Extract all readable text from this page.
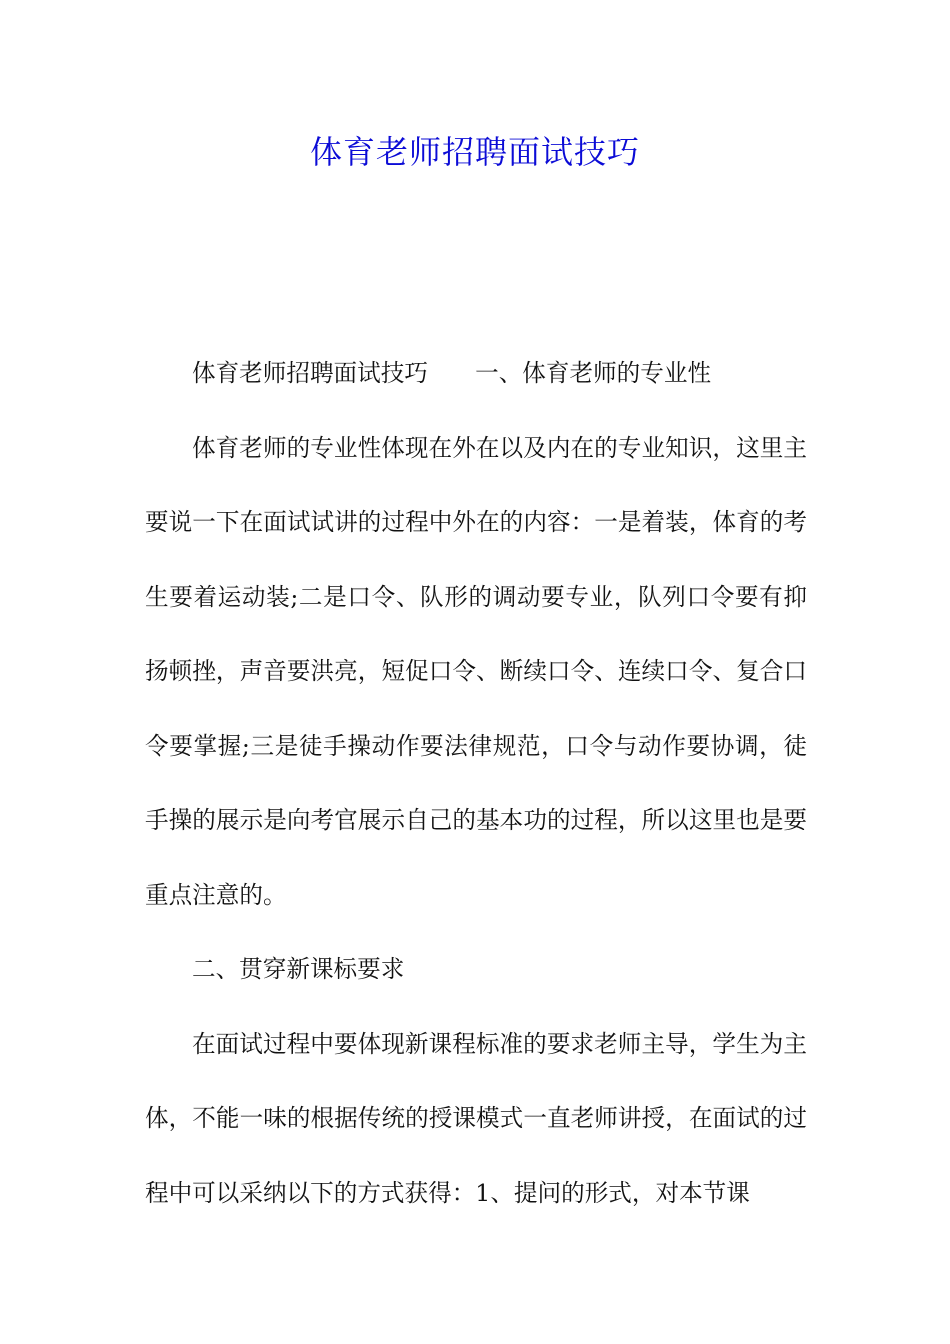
体育老师招聘面试技巧

体育老师招聘面试技巧　　一、体育老师的专业性

体育老师的专业性体现在外在以及内在的专业知识，这里主要说一下在面试试讲的过程中外在的内容：一是着装，体育的考生要着运动装;二是口令、队形的调动要专业，队列口令要有抑扬顿挫，声音要洪亮，短促口令、断续口令、连续口令、复合口令要掌握;三是徒手操动作要法律规范，口令与动作要协调，徒手操的展示是向考官展示自己的基本功的过程，所以这里也是要重点注意的。

二、贯穿新课标要求

在面试过程中要体现新课程标准的要求老师主导，学生为主体，不能一味的根据传统的授课模式一直老师讲授，在面试的过程中可以采纳以下的方式获得：1、提问的形式，对本节课
